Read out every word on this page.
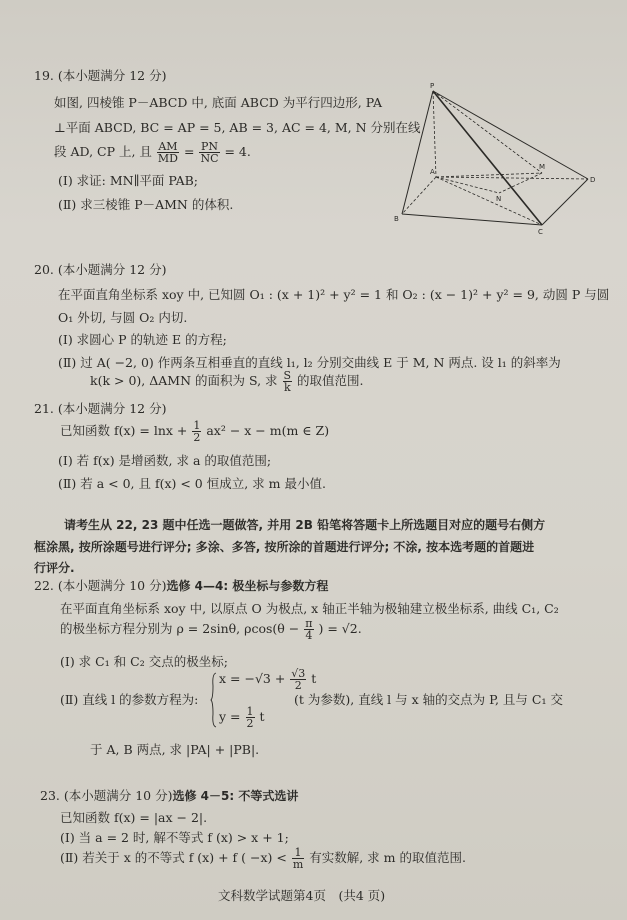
19. (本小题满分 12 分)
如图, 四棱锥 P－ABCD 中, 底面 ABCD 为平行四边形, PA
⊥平面 ABCD, BC = AP = 5, AB = 3, AC = 4, M, N 分别在线
段 AD, CP 上, 且 $\frac{AM}{MD} = \frac{PN}{NC} = 4$.
(Ⅰ) 求证: MN∥平面 PAB;
(Ⅱ) 求三棱锥 P－AMN 的体积.
P
A
B
C
D
M
N
20. (本小题满分 12 分)
在平面直角坐标系 xoy 中, 已知圆 O₁ : (x + 1)² + y² = 1 和 O₂ : (x − 1)² + y² = 9, 动圆 P 与圆
O₁ 外切, 与圆 O₂ 内切.
(Ⅰ) 求圆心 P 的轨迹 E 的方程;
(Ⅱ) 过 A( −2, 0) 作两条互相垂直的直线 l₁, l₂ 分别交曲线 E 于 M, N 两点. 设 l₁ 的斜率为
k(k > 0), ΔAMN 的面积为 S, 求 $\frac{S}{k}$ 的取值范围.
21. (本小题满分 12 分)
已知函数 $f(x) = \ln x + \frac{1}{2} ax^2 - x - m(m$ ∈ Z)
(Ⅰ) 若 f(x) 是增函数, 求 a 的取值范围;
(Ⅱ) 若 a < 0, 且 f(x) < 0 恒成立, 求 m 最小值.
请考生从 22, 23 题中任选一题做答, 并用 2B 铅笔将答题卡上所选题目对应的题号右侧方
框涂黑, 按所涂题号进行评分; 多涂、多答, 按所涂的首题进行评分; 不涂, 按本选考题的首题进
行评分.
22. (本小题满分 10 分)选修 4—4: 极坐标与参数方程
在平面直角坐标系 xoy 中, 以原点 O 为极点, x 轴正半轴为极轴建立极坐标系, 曲线 C₁, C₂
的极坐标方程分别为 ρ = 2sinθ, $\rho\cos(\theta - \frac{\pi}{4}$ ) = √2.
(Ⅰ) 求 C₁ 和 C₂ 交点的极坐标;
(Ⅱ) 直线 l 的参数方程为:
$x = -√3 + \frac{√3}{2}$ t
$y = \frac{1}{2}$ t
(t 为参数), 直线 l 与 x 轴的交点为 P, 且与 C₁ 交
于 A, B 两点, 求 |PA| + |PB|.
23. (本小题满分 10 分)选修 4－5: 不等式选讲
已知函数 f(x) = |ax − 2|.
(Ⅰ) 当 a = 2 时, 解不等式 f (x) > x + 1;
(Ⅱ) 若关于 x 的不等式 f (x) + f ( $-x) < \frac{1}{m}$ 有实数解, 求 m 的取值范围.
文科数学试题第4页　(共4 页)
